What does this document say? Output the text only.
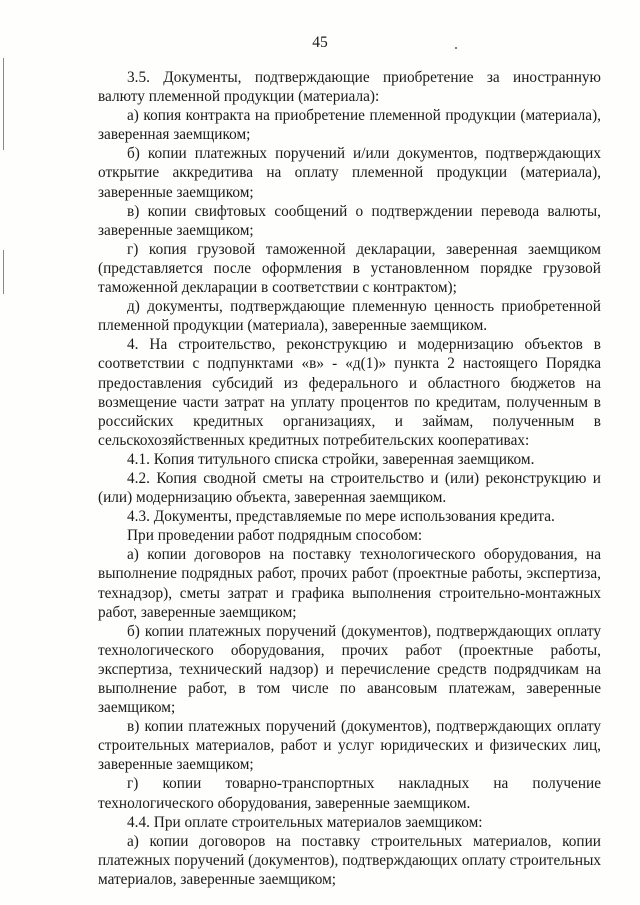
45

3.5. Документы, подтверждающие приобретение за иностранную валюту племенной продукции (материала):

а) копия контракта на приобретение племенной продукции (материала), заверенная заемщиком;

б) копии платежных поручений и/или документов, подтверждающих открытие аккредитива на оплату племенной продукции (материала), заверенные заемщиком;

в) копии свифтовых сообщений о подтверждении перевода валюты, заверенные заемщиком;

г) копия грузовой таможенной декларации, заверенная заемщиком (представляется после оформления в установленном порядке грузовой таможенной декларации в соответствии с контрактом);

д) документы, подтверждающие племенную ценность приобретенной племенной продукции (материала), заверенные заемщиком.

4. На строительство, реконструкцию и модернизацию объектов в соответствии с подпунктами «в» - «д(1)» пункта 2 настоящего Порядка предоставления субсидий из федерального и областного бюджетов на возмещение части затрат на уплату процентов по кредитам, полученным в российских кредитных организациях, и займам, полученным в сельскохозяйственных кредитных потребительских кооперативах:

4.1. Копия титульного списка стройки, заверенная заемщиком.

4.2. Копия сводной сметы на строительство и (или) реконструкцию и (или) модернизацию объекта, заверенная заемщиком.

4.3. Документы, представляемые по мере использования кредита.

При проведении работ подрядным способом:

а) копии договоров на поставку технологического оборудования, на выполнение подрядных работ, прочих работ (проектные работы, экспертиза, технадзор), сметы затрат и графика выполнения строительно-монтажных работ, заверенные заемщиком;

б) копии платежных поручений (документов), подтверждающих оплату технологического оборудования, прочих работ (проектные работы, экспертиза, технический надзор) и перечисление средств подрядчикам на выполнение работ, в том числе по авансовым платежам, заверенные заемщиком;

в) копии платежных поручений (документов), подтверждающих оплату строительных материалов, работ и услуг юридических и физических лиц, заверенные заемщиком;

г) копии товарно-транспортных накладных на получение технологического оборудования, заверенные заемщиком.

4.4. При оплате строительных материалов заемщиком:

а) копии договоров на поставку строительных материалов, копии платежных поручений (документов), подтверждающих оплату строительных материалов, заверенные заемщиком;
